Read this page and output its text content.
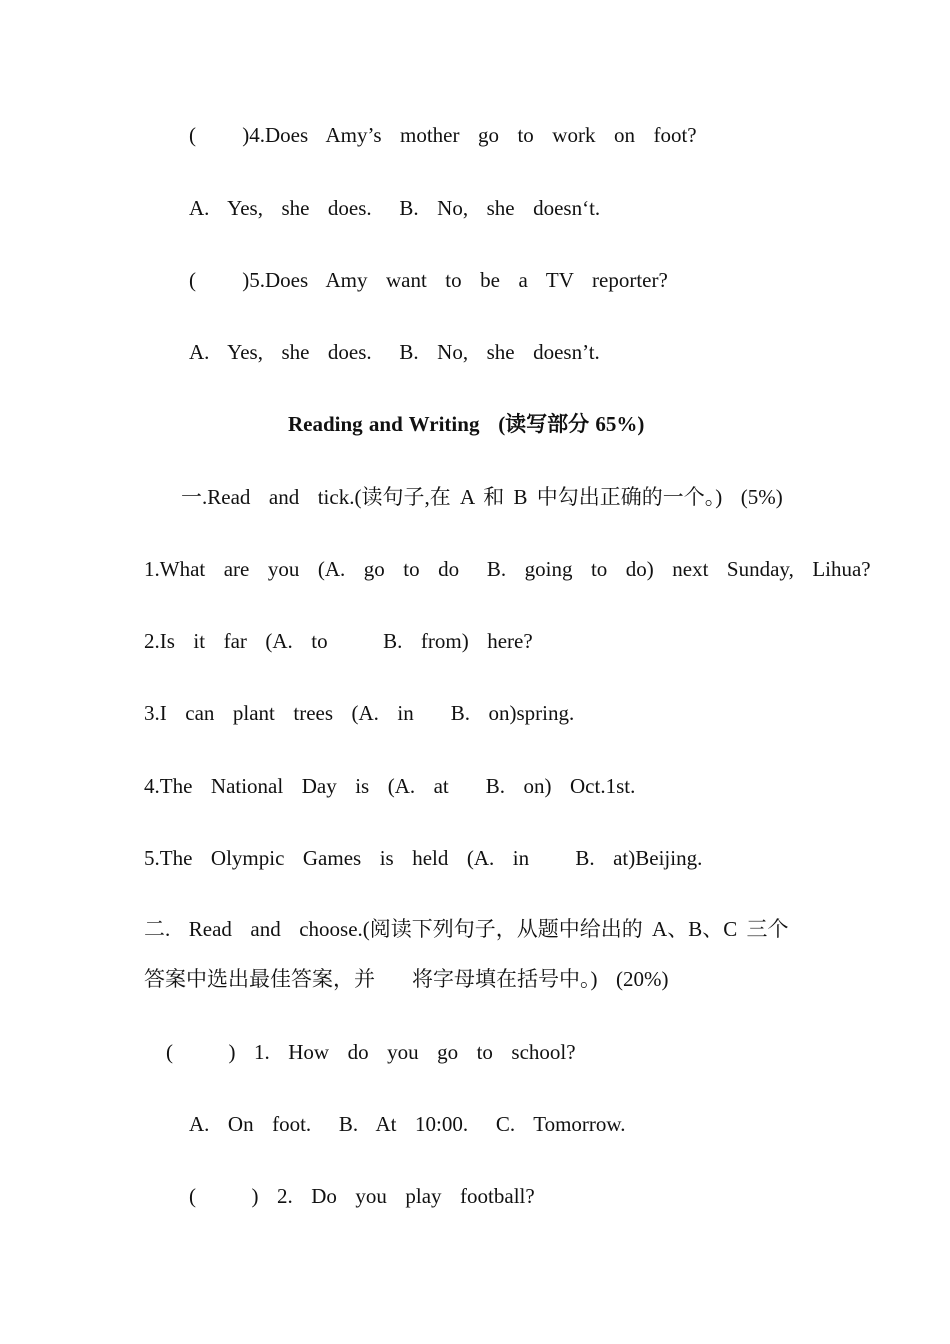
(     )4.Does  Amy’s  mother  go  to  work  on  foot?
A.  Yes,  she  does.   B.  No,  she  doesn‘t.
(     )5.Does  Amy  want  to  be  a  TV  reporter?
A.  Yes,  she  does.   B.  No,  she  doesn’t.
Reading and Writing   (读写部分 65%)
一.Read  and  tick.(读句子,在 A 和 B 中勾出正确的一个。)  (5%)
1.What  are  you  (A.  go  to  do   B.  going  to  do)  next  Sunday,  Lihua?
2.Is  it  far  (A.  to      B.  from)  here?
3.I  can  plant  trees  (A.  in    B.  on)spring.
4.The  National  Day  is  (A.  at    B.  on)  Oct.1st.
5.The  Olympic  Games  is  held  (A.  in     B.  at)Beijing.
二.  Read  and  choose.(阅读下列句子，从题中给出的 A、B、C 三个
答案中选出最佳答案，并    将字母填在括号中。)  (20%)
(      )  1.  How  do  you  go  to  school?
A.  On  foot.   B.  At  10:00.   C.  Tomorrow.
(      )  2.  Do  you  play  football?
